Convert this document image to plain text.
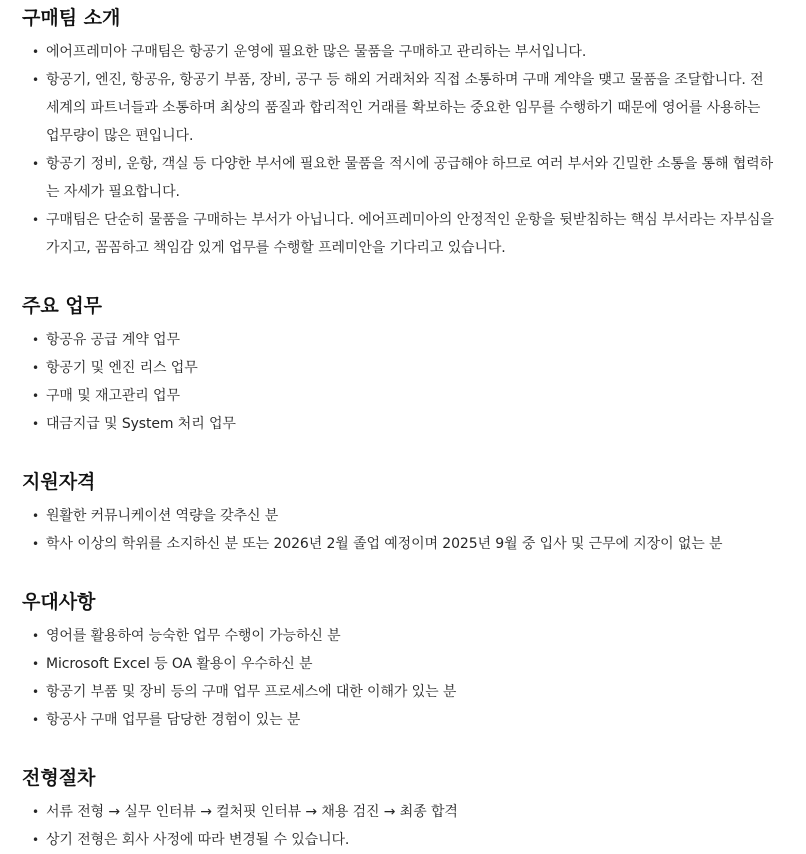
구매팀 소개
• 에어프레미아 구매팀은 항공기 운영에 필요한 많은 물품을 구매하고 관리하는 부서입니다.
• 항공기, 엔진, 항공유, 항공기 부품, 장비, 공구 등 해외 거래처와 직접 소통하며 구매 계약을 맺고 물품을 조달합니다. 전 세계의 파트너들과 소통하며 최상의 품질과 합리적인 거래를 확보하는 중요한 임무를 수행하기 때문에 영어를 사용하는 업무량이 많은 편입니다.
• 항공기 정비, 운항, 객실 등 다양한 부서에 필요한 물품을 적시에 공급해야 하므로 여러 부서와 긴밀한 소통을 통해 협력하는 자세가 필요합니다.
• 구매팀은 단순히 물품을 구매하는 부서가 아닙니다. 에어프레미아의 안정적인 운항을 뒷받침하는 핵심 부서라는 자부심을 가지고, 꼼꼼하고 책임감 있게 업무를 수행할 프레미안을 기다리고 있습니다.
주요 업무
• 항공유 공급 계약 업무
• 항공기 및 엔진 리스 업무
• 구매 및 재고관리 업무
• 대금지급 및 System 처리 업무
지원자격
• 원활한 커뮤니케이션 역량을 갖추신 분
• 학사 이상의 학위를 소지하신 분 또는 2026년 2월 졸업 예정이며 2025년 9월 중 입사 및 근무에 지장이 없는 분
우대사항
• 영어를 활용하여 능숙한 업무 수행이 가능하신 분
• Microsoft Excel 등 OA 활용이 우수하신 분
• 항공기 부품 및 장비 등의 구매 업무 프로세스에 대한 이해가 있는 분
• 항공사 구매 업무를 담당한 경험이 있는 분
전형절차
• 서류 전형 → 실무 인터뷰 → 컬처핏 인터뷰 → 채용 검진 → 최종 합격
• 상기 전형은 회사 사정에 따라 변경될 수 있습니다.
